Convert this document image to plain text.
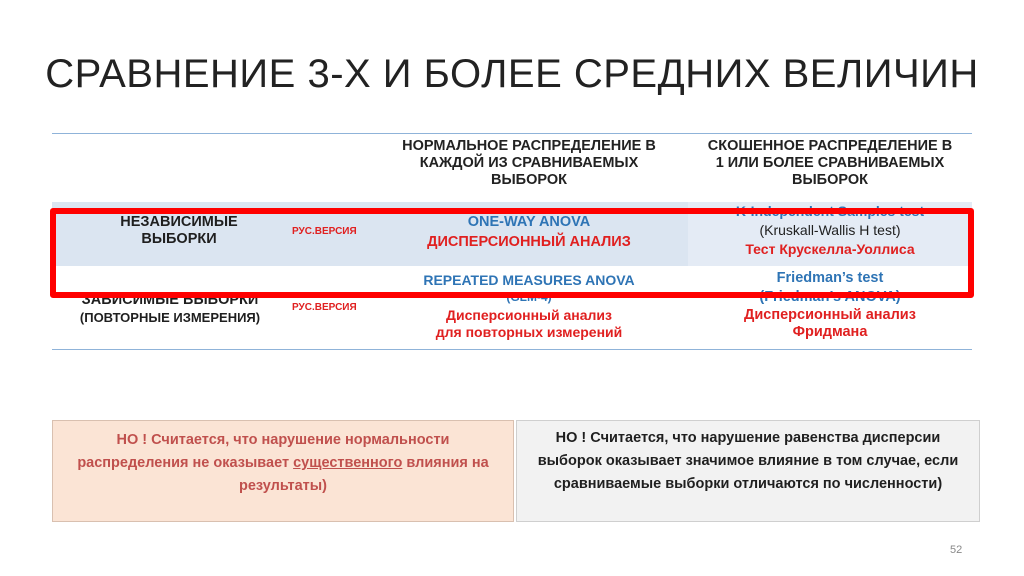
СРАВНЕНИЕ 3-Х И БОЛЕЕ СРЕДНИХ ВЕЛИЧИН
НОРМАЛЬНОЕ РАСПРЕДЕЛЕНИЕ В
КАЖДОЙ ИЗ СРАВНИВАЕМЫХ
ВЫБОРОК
СКОШЕННОЕ РАСПРЕДЕЛЕНИЕ В
1 ИЛИ БОЛЕЕ СРАВНИВАЕМЫХ
ВЫБОРОК
НЕЗАВИСИМЫЕ
ВЫБОРКИ	РУС.ВЕРСИЯ
ONE-WAY ANOVA
ДИСПЕРСИОННЫЙ АНАЛИЗ
K-Independent Samples test
(Kruskall-Wallis H test)
Тест Крускелла-Уоллиса
ЗАВИСИМЫЕ ВЫБОРКИ
(ПОВТОРНЫЕ ИЗМЕРЕНИЯ)
РУС.ВЕРСИЯ
REPEATED MEASURES ANOVA
(GLM-4)
Дисперсионный анализ
для повторных измерений
Friedman’s test
(Friedman’s ANOVA)
Дисперсионный анализ
Фридмана
НО ! Считается, что нарушение нормальности распределения не оказывает существенного влияния на результаты)
НО ! Считается, что нарушение равенства дисперсии выборок оказывает значимое влияние в том случае, если сравниваемые выборки отличаются по численности)
52
